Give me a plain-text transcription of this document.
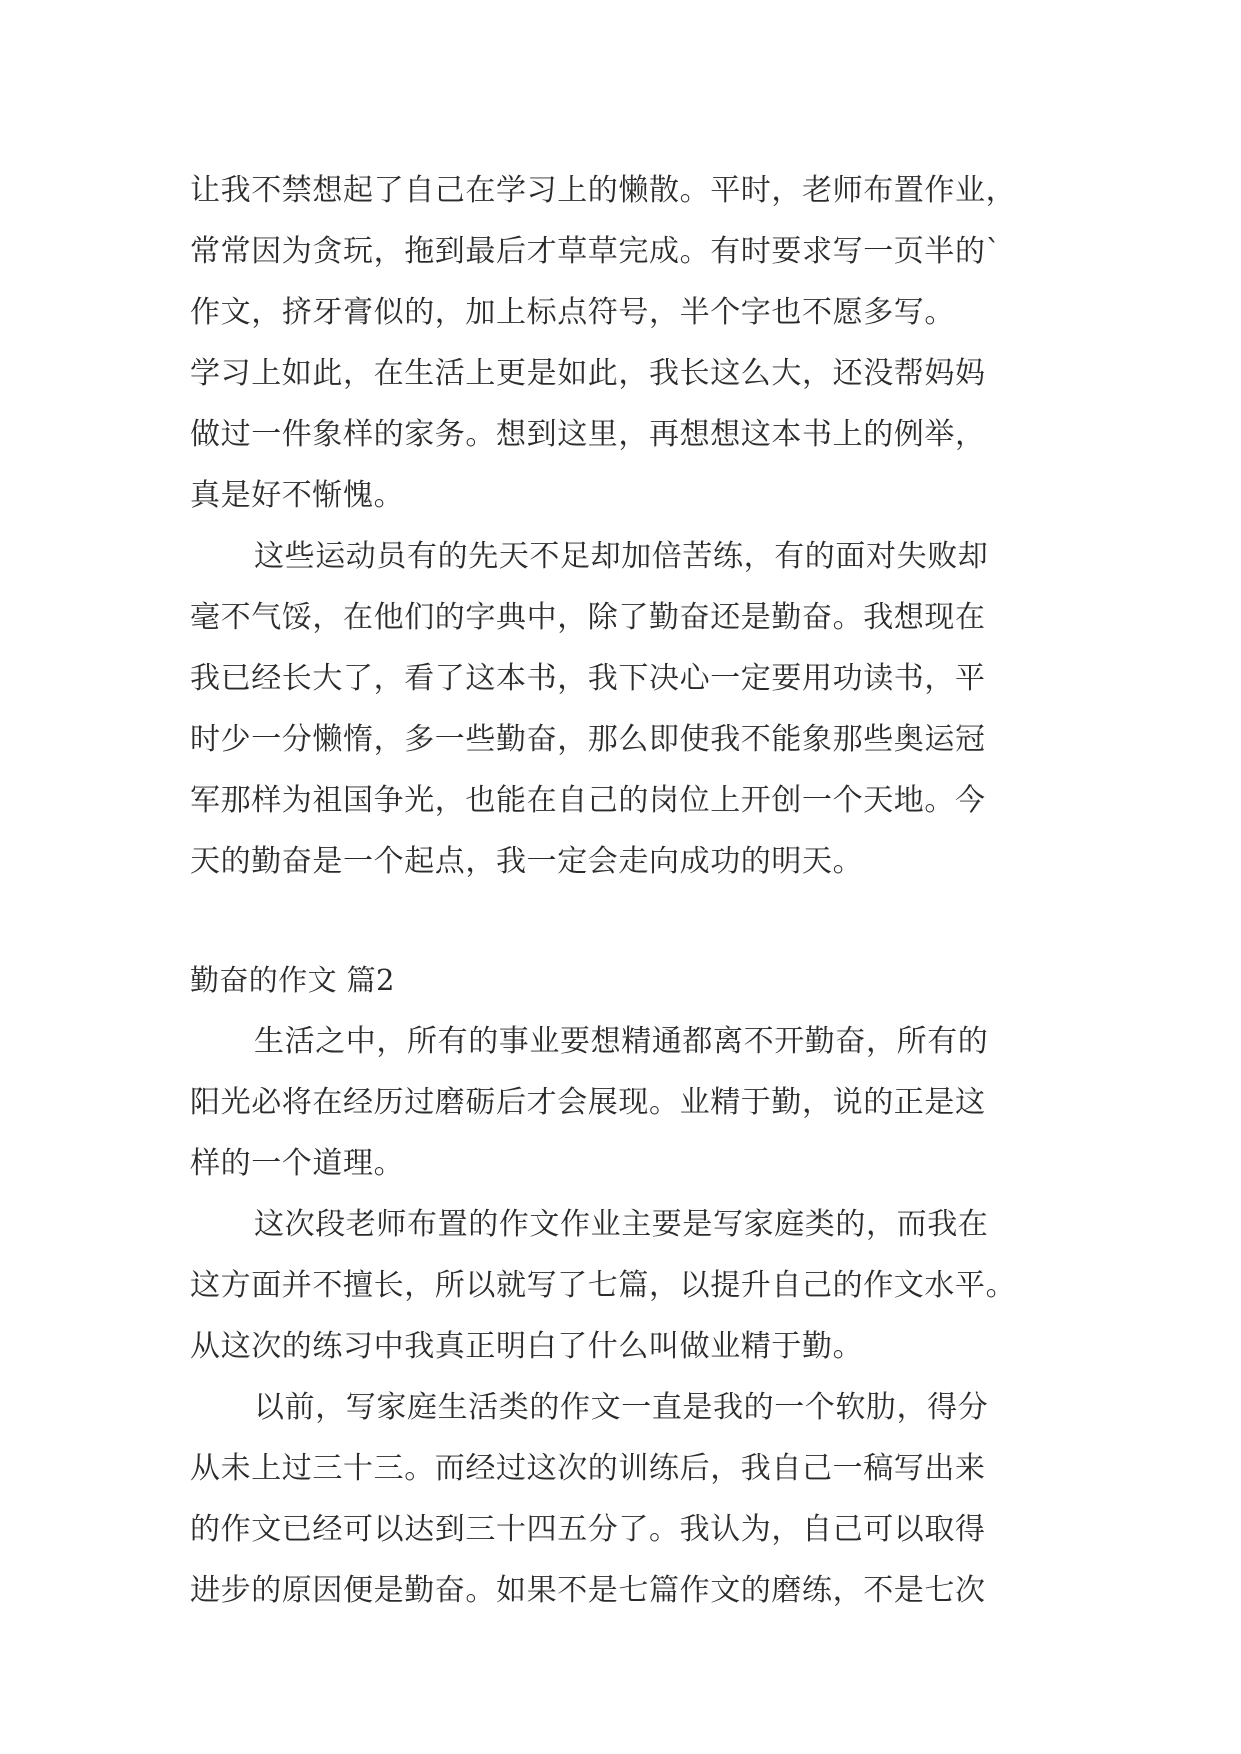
让我不禁想起了自己在学习上的懒散。平时，老师布置作业，
常常因为贪玩，拖到最后才草草完成。有时要求写一页半的`
作文，挤牙膏似的，加上标点符号，半个字也不愿多写。
学习上如此，在生活上更是如此，我长这么大，还没帮妈妈
做过一件象样的家务。想到这里，再想想这本书上的例举，
真是好不惭愧。
这些运动员有的先天不足却加倍苦练，有的面对失败却
毫不气馁，在他们的字典中，除了勤奋还是勤奋。我想现在
我已经长大了，看了这本书，我下决心一定要用功读书，平
时少一分懒惰，多一些勤奋，那么即使我不能象那些奥运冠
军那样为祖国争光，也能在自己的岗位上开创一个天地。今
天的勤奋是一个起点，我一定会走向成功的明天。
勤奋的作文 篇2
生活之中，所有的事业要想精通都离不开勤奋，所有的
阳光必将在经历过磨砺后才会展现。业精于勤，说的正是这
样的一个道理。
这次段老师布置的作文作业主要是写家庭类的，而我在
这方面并不擅长，所以就写了七篇，以提升自己的作文水平。
从这次的练习中我真正明白了什么叫做业精于勤。
以前，写家庭生活类的作文一直是我的一个软肋，得分
从未上过三十三。而经过这次的训练后，我自己一稿写出来
的作文已经可以达到三十四五分了。我认为，自己可以取得
进步的原因便是勤奋。如果不是七篇作文的磨练，不是七次
